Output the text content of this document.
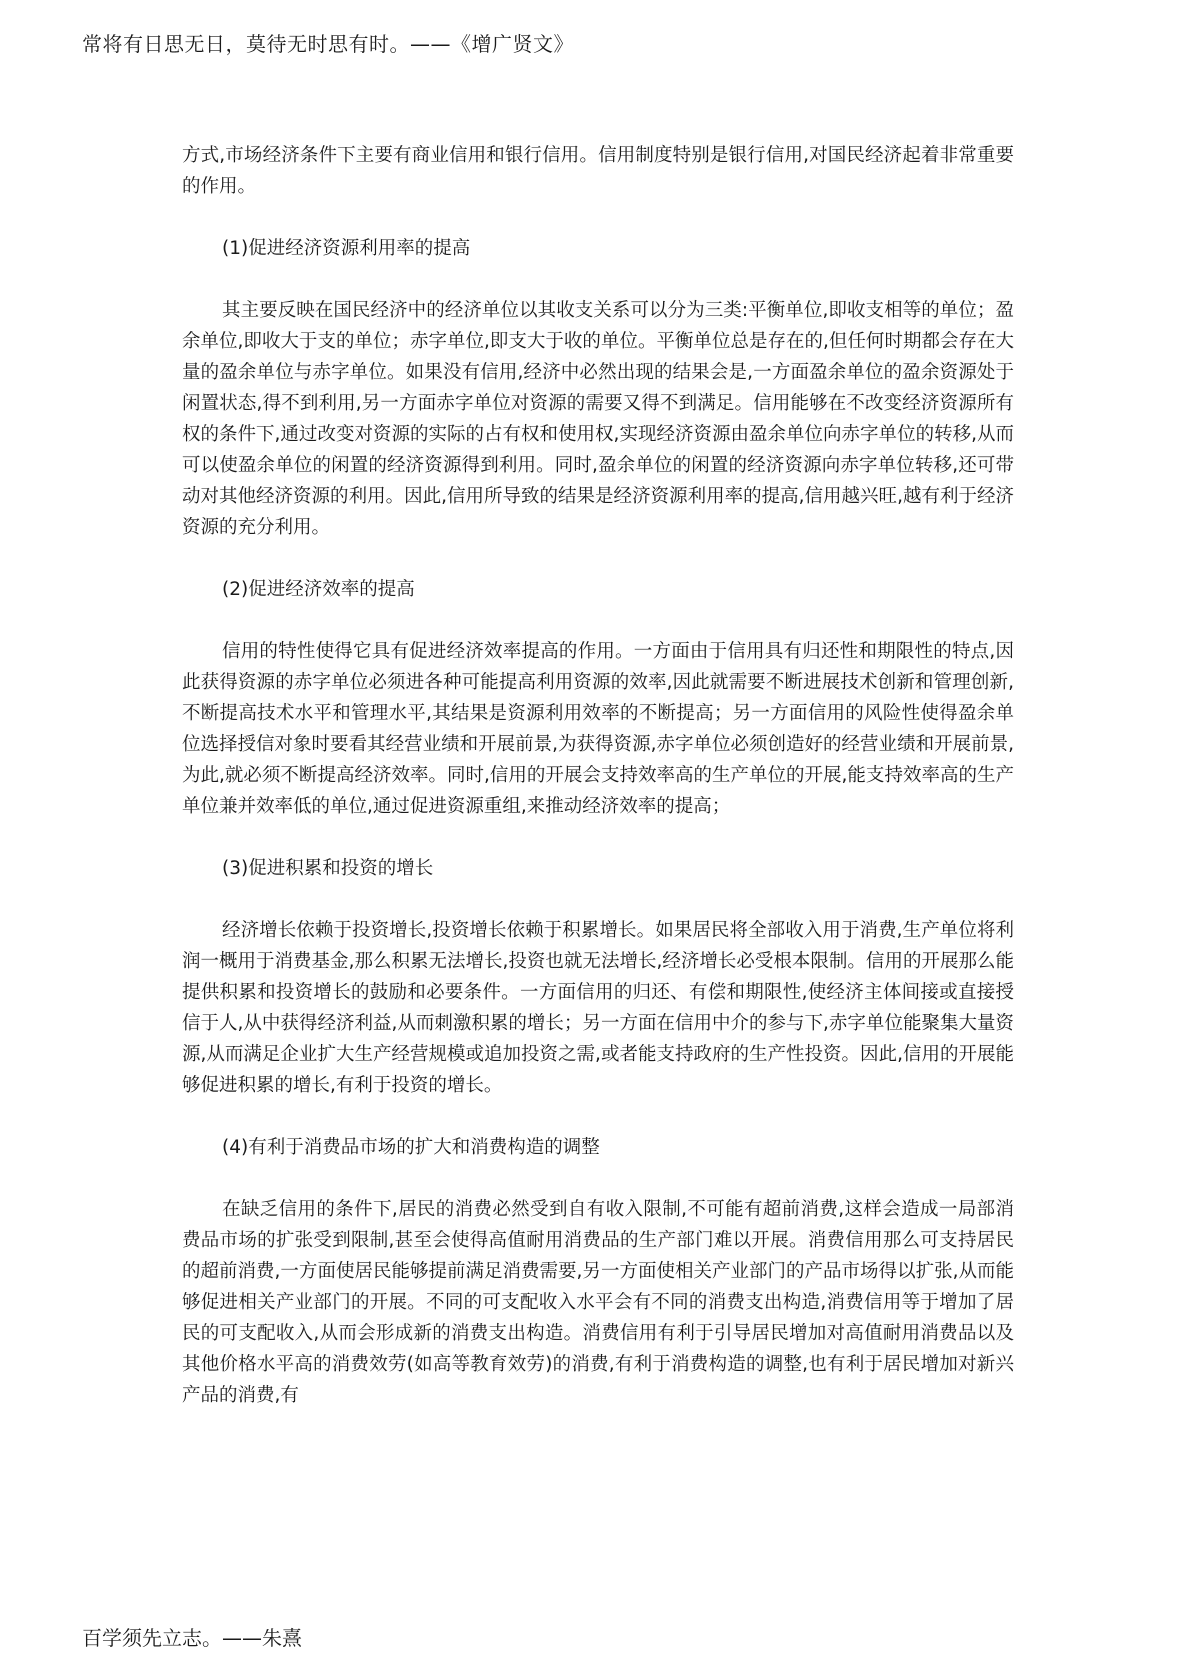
常将有日思无日，莫待无时思有时。——《增广贤文》

方式,市场经济条件下主要有商业信用和银行信用。信用制度特别是银行信用,对国民经济起着非常重要的作用。

(1)促进经济资源利用率的提高

其主要反映在国民经济中的经济单位以其收支关系可以分为三类:平衡单位,即收支相等的单位；盈余单位,即收大于支的单位；赤字单位,即支大于收的单位。平衡单位总是存在的,但任何时期都会存在大量的盈余单位与赤字单位。如果没有信用,经济中必然出现的结果会是,一方面盈余单位的盈余资源处于闲置状态,得不到利用,另一方面赤字单位对资源的需要又得不到满足。信用能够在不改变经济资源所有权的条件下,通过改变对资源的实际的占有权和使用权,实现经济资源由盈余单位向赤字单位的转移,从而可以使盈余单位的闲置的经济资源得到利用。同时,盈余单位的闲置的经济资源向赤字单位转移,还可带动对其他经济资源的利用。因此,信用所导致的结果是经济资源利用率的提高,信用越兴旺,越有利于经济资源的充分利用。

(2)促进经济效率的提高

信用的特性使得它具有促进经济效率提高的作用。一方面由于信用具有归还性和期限性的特点,因此获得资源的赤字单位必须进各种可能提高利用资源的效率,因此就需要不断进展技术创新和管理创新,不断提高技术水平和管理水平,其结果是资源利用效率的不断提高；另一方面信用的风险性使得盈余单位选择授信对象时要看其经营业绩和开展前景,为获得资源,赤字单位必须创造好的经营业绩和开展前景,为此,就必须不断提高经济效率。同时,信用的开展会支持效率高的生产单位的开展,能支持效率高的生产单位兼并效率低的单位,通过促进资源重组,来推动经济效率的提高；

(3)促进积累和投资的增长

经济增长依赖于投资增长,投资增长依赖于积累增长。如果居民将全部收入用于消费,生产单位将利润一概用于消费基金,那么积累无法增长,投资也就无法增长,经济增长必受根本限制。信用的开展那么能提供积累和投资增长的鼓励和必要条件。一方面信用的归还、有偿和期限性,使经济主体间接或直接授信于人,从中获得经济利益,从而刺激积累的增长；另一方面在信用中介的参与下,赤字单位能聚集大量资源,从而满足企业扩大生产经营规模或追加投资之需,或者能支持政府的生产性投资。因此,信用的开展能够促进积累的增长,有利于投资的增长。

(4)有利于消费品市场的扩大和消费构造的调整

在缺乏信用的条件下,居民的消费必然受到自有收入限制,不可能有超前消费,这样会造成一局部消费品市场的扩张受到限制,甚至会使得高值耐用消费品的生产部门难以开展。消费信用那么可支持居民的超前消费,一方面使居民能够提前满足消费需要,另一方面使相关产业部门的产品市场得以扩张,从而能够促进相关产业部门的开展。不同的可支配收入水平会有不同的消费支出构造,消费信用等于增加了居民的可支配收入,从而会形成新的消费支出构造。消费信用有利于引导居民增加对高值耐用消费品以及其他价格水平高的消费效劳(如高等教育效劳)的消费,有利于消费构造的调整,也有利于居民增加对新兴产品的消费,有

百学须先立志。——朱熹
